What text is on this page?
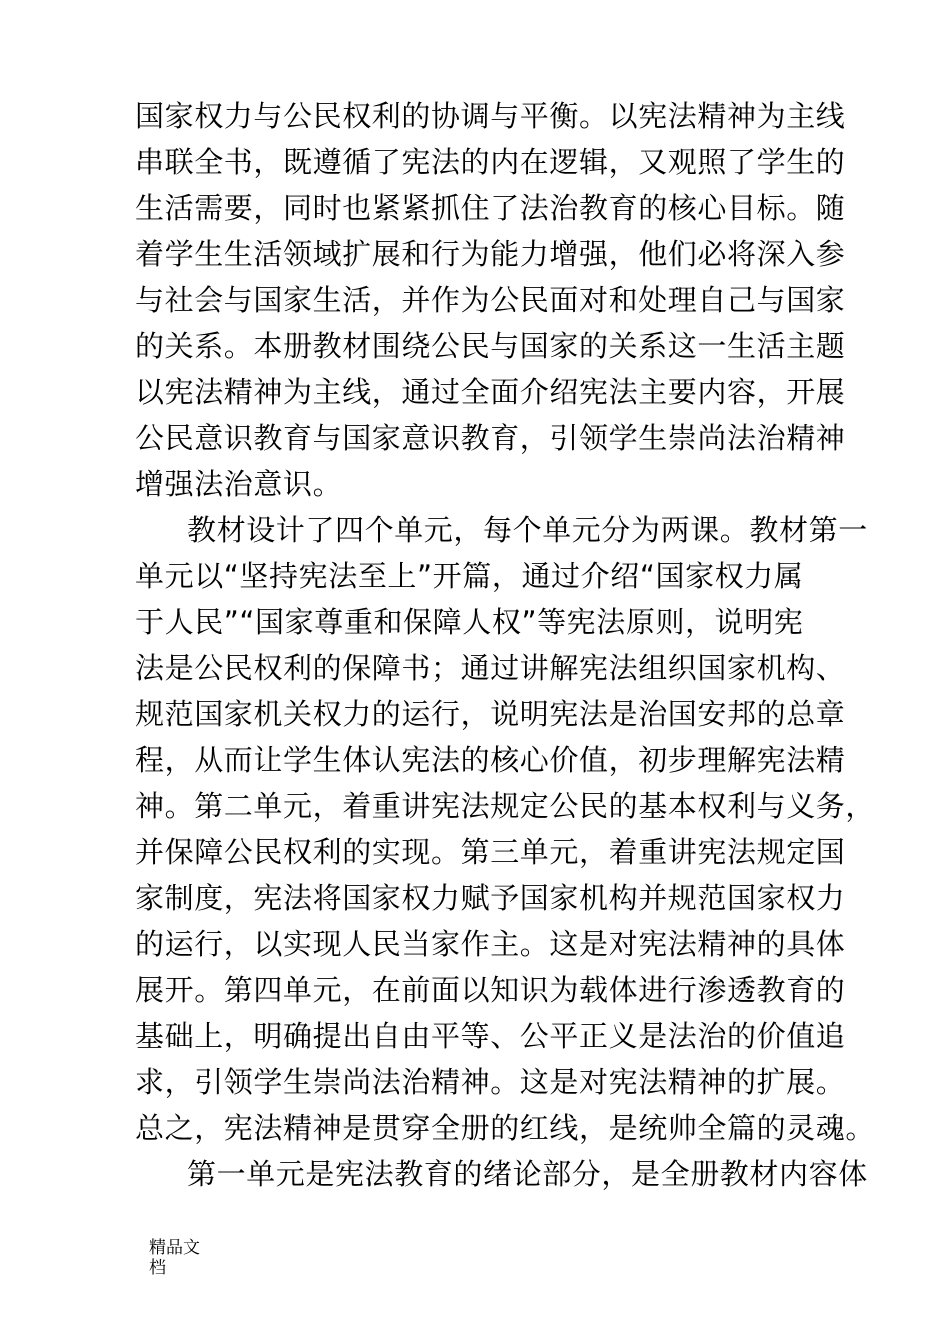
国家权力与公民权利的协调与平衡。以宪法精神为主线
串联全书，既遵循了宪法的内在逻辑，又观照了学生的
生活需要，同时也紧紧抓住了法治教育的核心目标。随
着学生生活领域扩展和行为能力增强，他们必将深入参
与社会与国家生活，并作为公民面对和处理自己与国家
的关系。本册教材围绕公民与国家的关系这一生活主题
以宪法精神为主线，通过全面介绍宪法主要内容，开展
公民意识教育与国家意识教育，引领学生崇尚法治精神
增强法治意识。
教材设计了四个单元，每个单元分为两课。教材第一
单元以“坚持宪法至上”开篇，通过介绍“国家权力属
于人民”“国家尊重和保障人权”等宪法原则，说明宪
法是公民权利的保障书；通过讲解宪法组织国家机构、
规范国家机关权力的运行，说明宪法是治国安邦的总章
程，从而让学生体认宪法的核心价值，初步理解宪法精
神。第二单元，着重讲宪法规定公民的基本权利与义务，
并保障公民权利的实现。第三单元，着重讲宪法规定国
家制度，宪法将国家权力赋予国家机构并规范国家权力
的运行，以实现人民当家作主。这是对宪法精神的具体
展开。第四单元，在前面以知识为载体进行渗透教育的
基础上，明确提出自由平等、公平正义是法治的价值追
求，引领学生崇尚法治精神。这是对宪法精神的扩展。
总之，宪法精神是贯穿全册的红线，是统帅全篇的灵魂。
第一单元是宪法教育的绪论部分，是全册教材内容体
精品文档
